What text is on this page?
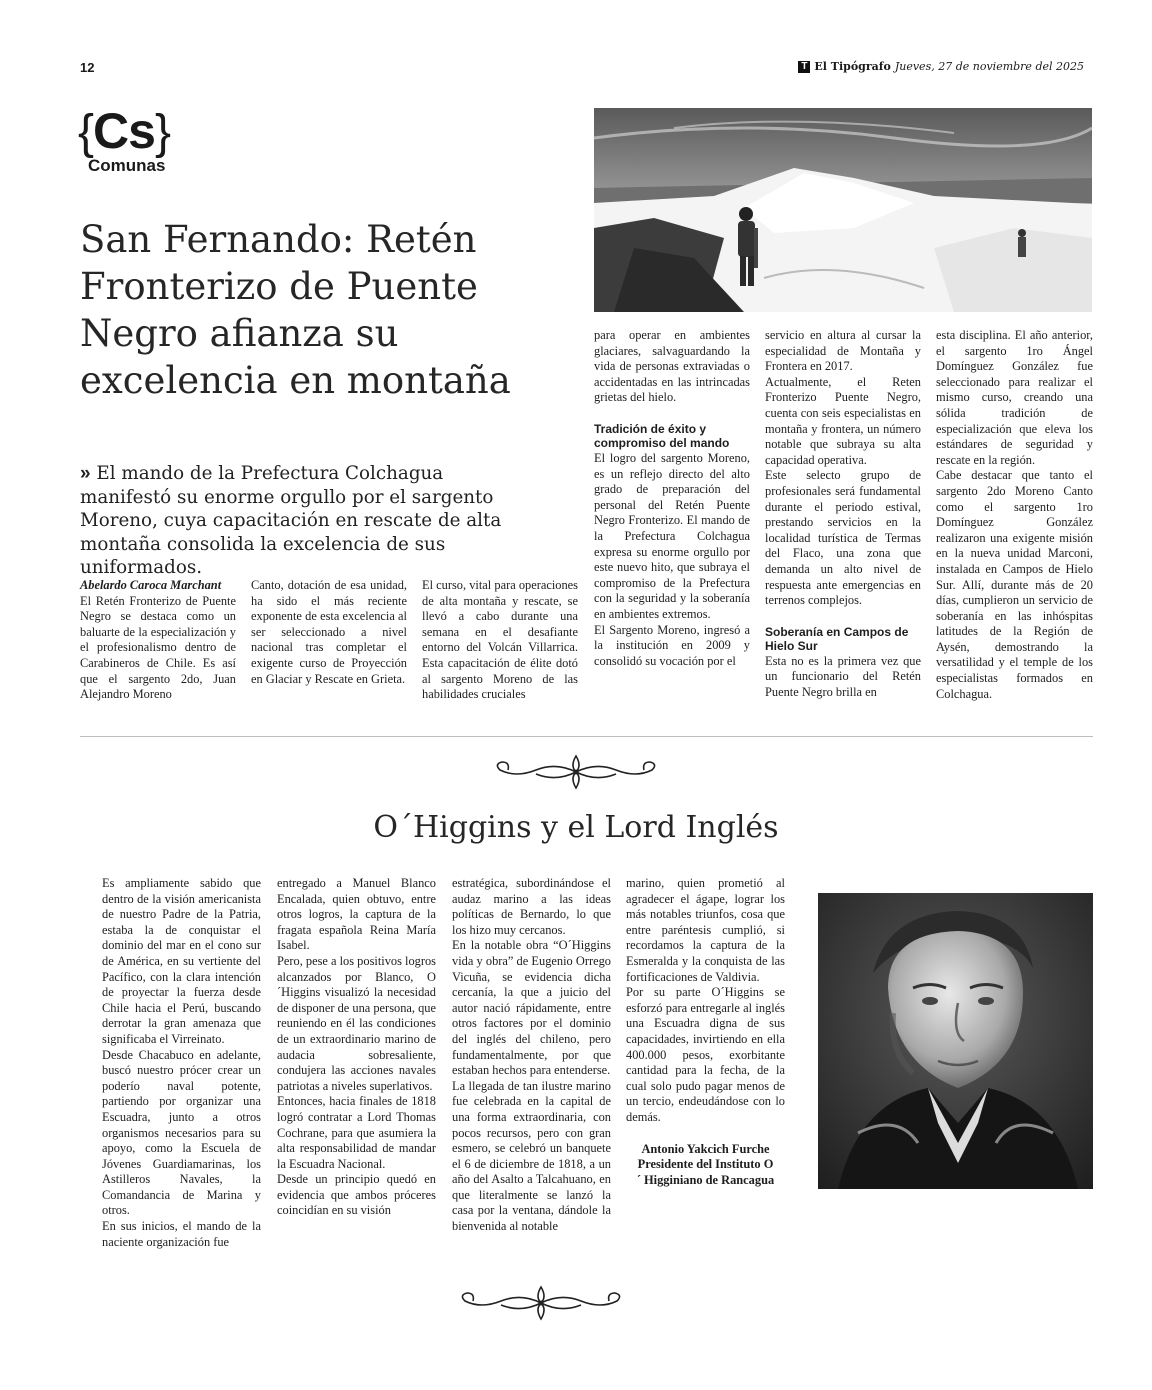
12	T El Tipógrafo Jueves, 27 de noviembre del 2025
{Cs}
Comunas
San Fernando: Retén Fronterizo de Puente Negro afianza su excelencia en montaña
» El mando de la Prefectura Colchagua manifestó su enorme orgullo por el sargento Moreno, cuya capacitación en rescate de alta montaña consolida la excelencia de sus uniformados.

Abelardo Caroca Marchant

El Retén Fronterizo de Puente Negro se destaca como un baluarte de la especialización y el profesionalismo dentro de Carabineros de Chile. Es así que el sargento 2do, Juan Alejandro Moreno

Canto, dotación de esa unidad, ha sido el más reciente exponente de esta excelencia al ser seleccionado a nivel nacional tras completar el exigente curso de Proyección en Glaciar y Rescate en Grieta.

El curso, vital para operaciones de alta montaña y rescate, se llevó a cabo durante una semana en el desafiante entorno del Volcán Villarrica. Esta capacitación de élite dotó al sargento Moreno de las habilidades cruciales

para operar en ambientes glaciares, salvaguardando la vida de personas extraviadas o accidentadas en las intrincadas grietas del hielo.

Tradición de éxito y compromiso del mando

El logro del sargento Moreno, es un reflejo directo del alto grado de preparación del personal del Retén Puente Negro Fronterizo. El mando de la Prefectura Colchagua expresa su enorme orgullo por este nuevo hito, que subraya el compromiso de la Prefectura con la seguridad y la soberanía en ambientes extremos.

El Sargento Moreno, ingresó a la institución en 2009 y consolidó su vocación por el

servicio en altura al cursar la especialidad de Montaña y Frontera en 2017.

Actualmente, el Reten Fronterizo Puente Negro, cuenta con seis especialistas en montaña y frontera, un número notable que subraya su alta capacidad operativa.

Este selecto grupo de profesionales será fundamental durante el periodo estival, prestando servicios en la localidad turística de Termas del Flaco, una zona que demanda un alto nivel de respuesta ante emergencias en terrenos complejos.

Soberanía en Campos de Hielo Sur

Esta no es la primera vez que un funcionario del Retén Puente Negro brilla en

esta disciplina. El año anterior, el sargento 1ro Ángel Domínguez González fue seleccionado para realizar el mismo curso, creando una sólida tradición de especialización que eleva los estándares de seguridad y rescate en la región.

Cabe destacar que tanto el sargento 2do Moreno Canto como el sargento 1ro Domínguez González realizaron una exigente misión en la nueva unidad Marconi, instalada en Campos de Hielo Sur. Allí, durante más de 20 días, cumplieron un servicio de soberanía en las inhóspitas latitudes de la Región de Aysén, demostrando la versatilidad y el temple de los especialistas formados en Colchagua.

O´Higgins y el Lord Inglés

Es ampliamente sabido que dentro de la visión americanista de nuestro Padre de la Patria, estaba la de conquistar el dominio del mar en el cono sur de América, en su vertiente del Pacífico, con la clara intención de proyectar la fuerza desde Chile hacia el Perú, buscando derrotar la gran amenaza que significaba el Virreinato.

Desde Chacabuco en adelante, buscó nuestro prócer crear un poderío naval potente, partiendo por organizar una Escuadra, junto a otros organismos necesarios para su apoyo, como la Escuela de Jóvenes Guardiamarinas, los Astilleros Navales, la Comandancia de Marina y otros.

En sus inicios, el mando de la naciente organización fue

entregado a Manuel Blanco Encalada, quien obtuvo, entre otros logros, la captura de la fragata española Reina María Isabel.

Pero, pese a los positivos logros alcanzados por Blanco, O´Higgins visualizó la necesidad de disponer de una persona, que reuniendo en él las condiciones de un extraordinario marino de audacia sobresaliente, condujera las acciones navales patriotas a niveles superlativos.

Entonces, hacia finales de 1818 logró contratar a Lord Thomas Cochrane, para que asumiera la alta responsabilidad de mandar la Escuadra Nacional.

Desde un principio quedó en evidencia que ambos próceres coincidían en su visión

estratégica, subordinándose el audaz marino a las ideas políticas de Bernardo, lo que los hizo muy cercanos.

En la notable obra “O´Higgins vida y obra” de Eugenio Orrego Vicuña, se evidencia dicha cercanía, la que a juicio del autor nació rápidamente, entre otros factores por el dominio del inglés del chileno, pero fundamentalmente, por que estaban hechos para entenderse.

La llegada de tan ilustre marino fue celebrada en la capital de una forma extraordinaria, con pocos recursos, pero con gran esmero, se celebró un banquete el 6 de diciembre de 1818, a un año del Asalto a Talcahuano, en que literalmente se lanzó la casa por la ventana, dándole la bienvenida al notable

marino, quien prometió al agradecer el ágape, lograr los más notables triunfos, cosa que entre paréntesis cumplió, si recordamos la captura de la Esmeralda y la conquista de las fortificaciones de Valdivia.

Por su parte O´Higgins se esforzó para entregarle al inglés una Escuadra digna de sus capacidades, invirtiendo en ella 400.000 pesos, exorbitante cantidad para la fecha, de la cual solo pudo pagar menos de un tercio, endeudándose con lo demás.

Antonio Yakcich Furche
Presidente del Instituto O´ Higginiano de Rancagua
